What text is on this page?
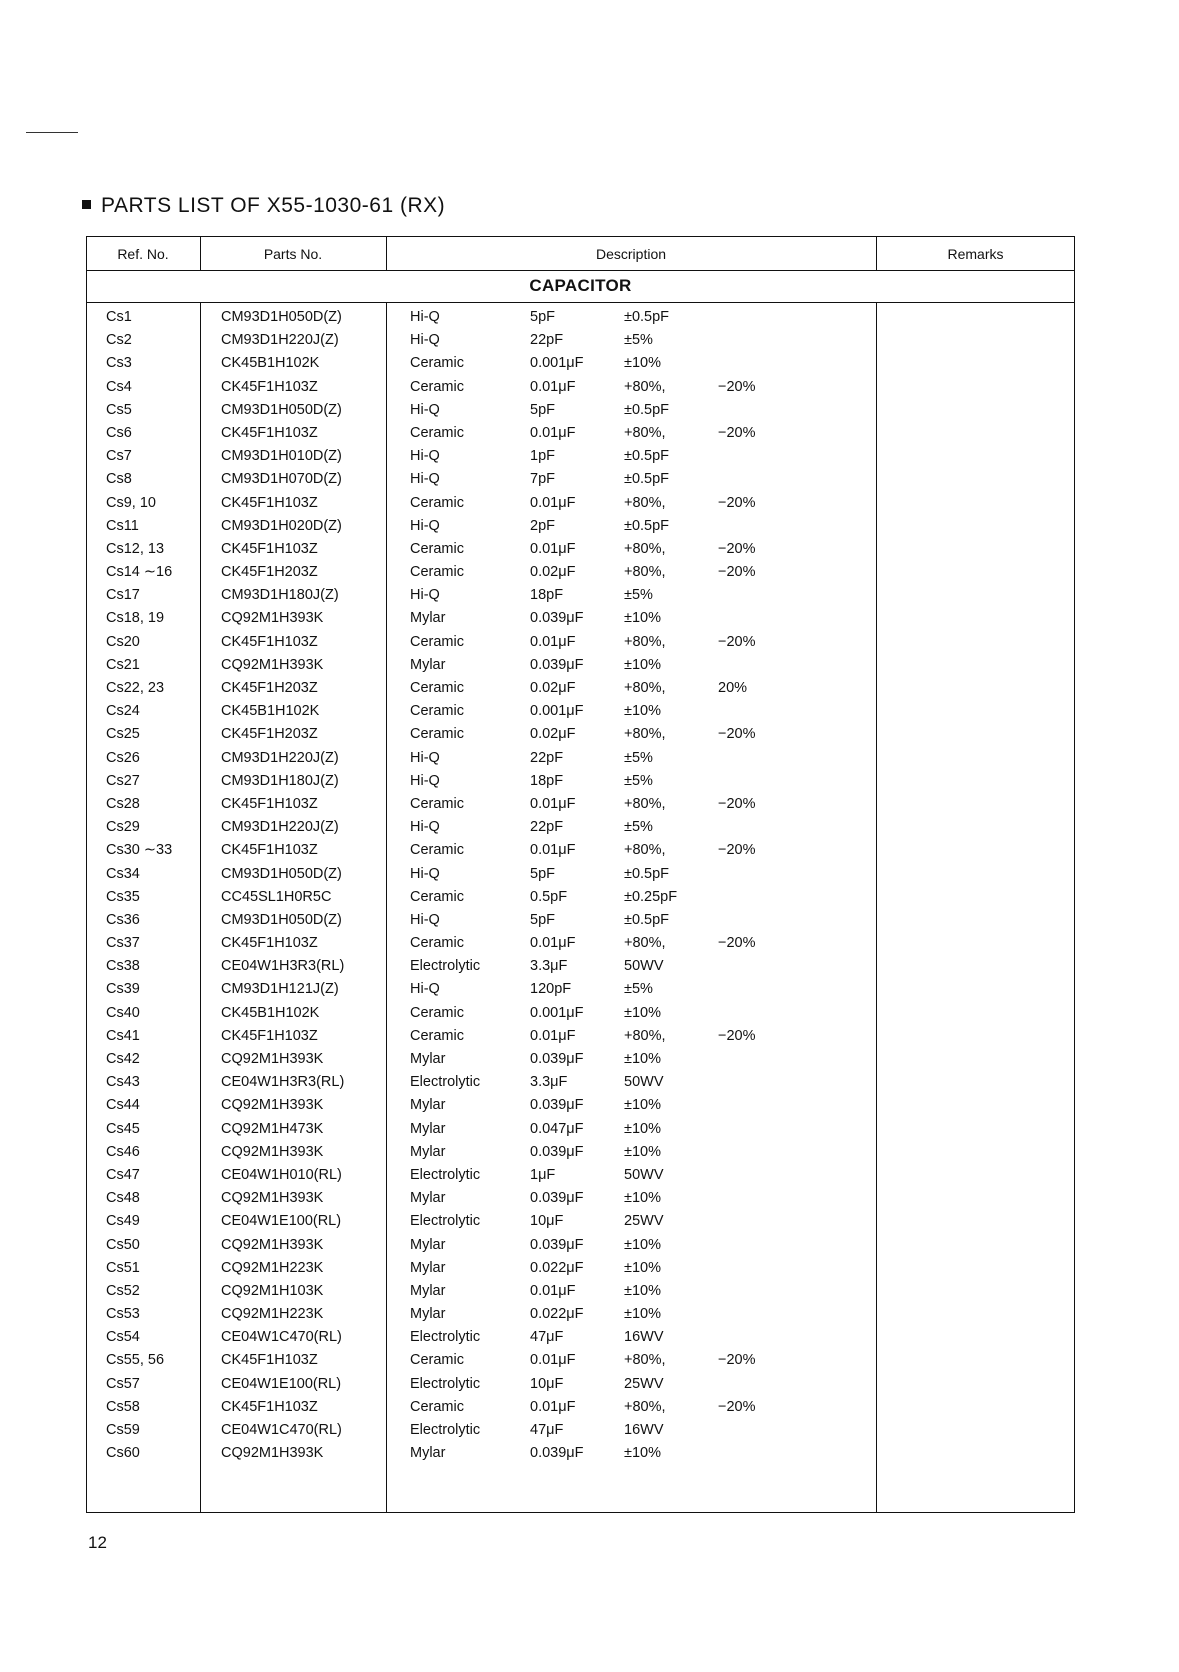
PARTS LIST OF X55-1030-61 (RX)
Ref. No.	Parts No.	Description	Remarks
CAPACITOR
Cs1	CM93D1H050D(Z)	Hi-Q	5pF	±0.5pF
Cs2	CM93D1H220J(Z)	Hi-Q	22pF	±5%
Cs3	CK45B1H102K	Ceramic	0.001μF	±10%
Cs4	CK45F1H103Z	Ceramic	0.01μF	+80%,	−20%
Cs5	CM93D1H050D(Z)	Hi-Q	5pF	±0.5pF
Cs6	CK45F1H103Z	Ceramic	0.01μF	+80%,	−20%
Cs7	CM93D1H010D(Z)	Hi-Q	1pF	±0.5pF
Cs8	CM93D1H070D(Z)	Hi-Q	7pF	±0.5pF
Cs9, 10	CK45F1H103Z	Ceramic	0.01μF	+80%,	−20%
Cs11	CM93D1H020D(Z)	Hi-Q	2pF	±0.5pF
Cs12, 13	CK45F1H103Z	Ceramic	0.01μF	+80%,	−20%
Cs14 ∼16	CK45F1H203Z	Ceramic	0.02μF	+80%,	−20%
Cs17	CM93D1H180J(Z)	Hi-Q	18pF	±5%
Cs18, 19	CQ92M1H393K	Mylar	0.039μF	±10%
Cs20	CK45F1H103Z	Ceramic	0.01μF	+80%,	−20%
Cs21	CQ92M1H393K	Mylar	0.039μF	±10%
Cs22, 23	CK45F1H203Z	Ceramic	0.02μF	+80%,	20%
Cs24	CK45B1H102K	Ceramic	0.001μF	±10%
Cs25	CK45F1H203Z	Ceramic	0.02μF	+80%,	−20%
Cs26	CM93D1H220J(Z)	Hi-Q	22pF	±5%
Cs27	CM93D1H180J(Z)	Hi-Q	18pF	±5%
Cs28	CK45F1H103Z	Ceramic	0.01μF	+80%,	−20%
Cs29	CM93D1H220J(Z)	Hi-Q	22pF	±5%
Cs30 ∼33	CK45F1H103Z	Ceramic	0.01μF	+80%,	−20%
Cs34	CM93D1H050D(Z)	Hi-Q	5pF	±0.5pF
Cs35	CC45SL1H0R5C	Ceramic	0.5pF	±0.25pF
Cs36	CM93D1H050D(Z)	Hi-Q	5pF	±0.5pF
Cs37	CK45F1H103Z	Ceramic	0.01μF	+80%,	−20%
Cs38	CE04W1H3R3(RL)	Electrolytic	3.3μF	50WV
Cs39	CM93D1H121J(Z)	Hi-Q	120pF	±5%
Cs40	CK45B1H102K	Ceramic	0.001μF	±10%
Cs41	CK45F1H103Z	Ceramic	0.01μF	+80%,	−20%
Cs42	CQ92M1H393K	Mylar	0.039μF	±10%
Cs43	CE04W1H3R3(RL)	Electrolytic	3.3μF	50WV
Cs44	CQ92M1H393K	Mylar	0.039μF	±10%
Cs45	CQ92M1H473K	Mylar	0.047μF	±10%
Cs46	CQ92M1H393K	Mylar	0.039μF	±10%
Cs47	CE04W1H010(RL)	Electrolytic	1μF	50WV
Cs48	CQ92M1H393K	Mylar	0.039μF	±10%
Cs49	CE04W1E100(RL)	Electrolytic	10μF	25WV
Cs50	CQ92M1H393K	Mylar	0.039μF	±10%
Cs51	CQ92M1H223K	Mylar	0.022μF	±10%
Cs52	CQ92M1H103K	Mylar	0.01μF	±10%
Cs53	CQ92M1H223K	Mylar	0.022μF	±10%
Cs54	CE04W1C470(RL)	Electrolytic	47μF	16WV
Cs55, 56	CK45F1H103Z	Ceramic	0.01μF	+80%,	−20%
Cs57	CE04W1E100(RL)	Electrolytic	10μF	25WV
Cs58	CK45F1H103Z	Ceramic	0.01μF	+80%,	−20%
Cs59	CE04W1C470(RL)	Electrolytic	47μF	16WV
Cs60	CQ92M1H393K	Mylar	0.039μF	±10%
12
